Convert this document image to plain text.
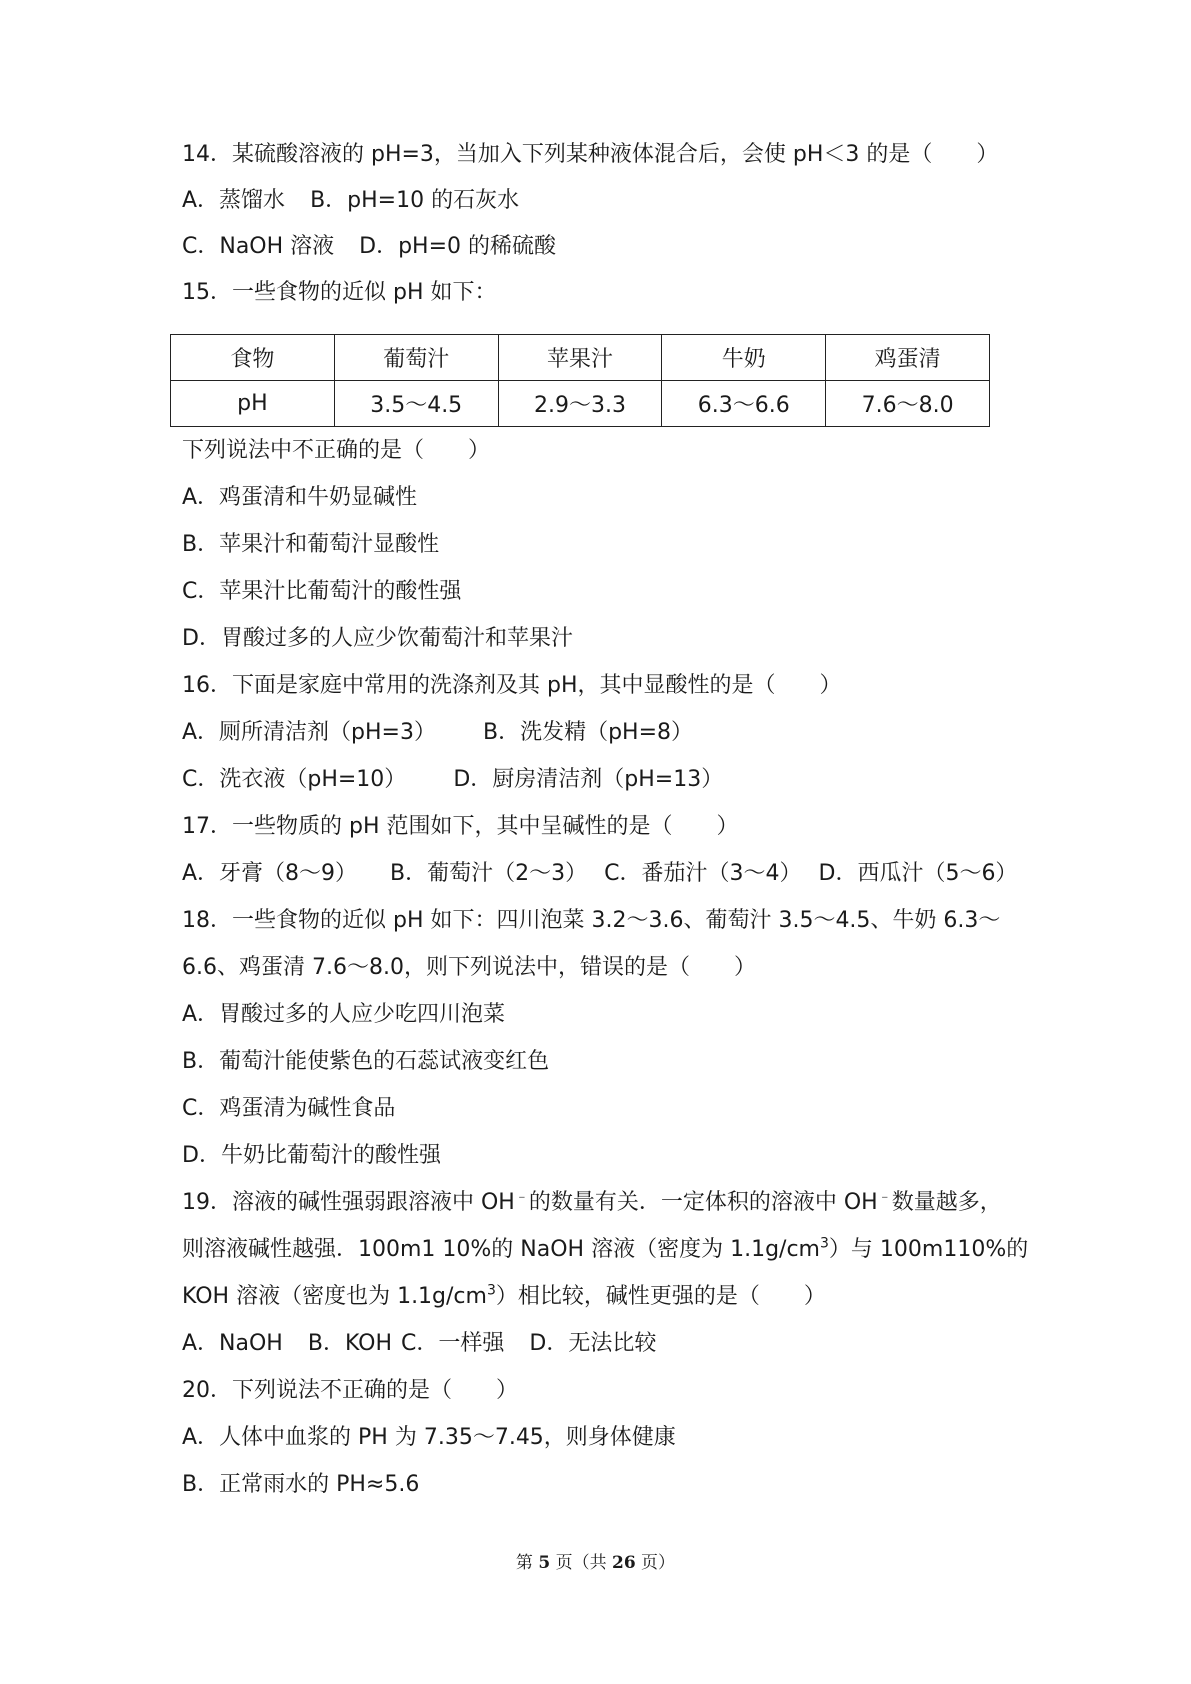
14．某硫酸溶液的 pH=3，当加入下列某种液体混合后，会使 pH＜3 的是（　　）
A．蒸馏水 B．pH=10 的石灰水
C．NaOH 溶液 D．pH=0 的稀硫酸
15．一些食物的近似 pH 如下：
食物	葡萄汁	苹果汁	牛奶	鸡蛋清
pH	3.5～4.5	2.9～3.3	6.3～6.6	7.6～8.0
下列说法中不正确的是（　　）
A．鸡蛋清和牛奶显碱性
B．苹果汁和葡萄汁显酸性
C．苹果汁比葡萄汁的酸性强
D．胃酸过多的人应少饮葡萄汁和苹果汁
16．下面是家庭中常用的洗涤剂及其 pH，其中显酸性的是（　　）
A．厕所清洁剂（pH=3） B．洗发精（pH=8）
C．洗衣液（pH=10） D．厨房清洁剂（pH=13）
17．一些物质的 pH 范围如下，其中呈碱性的是（　　）
A．牙膏（8～9） B．葡萄汁（2～3） C．番茄汁（3～4） D．西瓜汁（5～6）
18．一些食物的近似 pH 如下：四川泡菜 3.2～3.6、葡萄汁 3.5～4.5、牛奶 6.3～
6.6、鸡蛋清 7.6～8.0，则下列说法中，错误的是（　　）
A．胃酸过多的人应少吃四川泡菜
B．葡萄汁能使紫色的石蕊试液变红色
C．鸡蛋清为碱性食品
D．牛奶比葡萄汁的酸性强
19．溶液的碱性强弱跟溶液中 OH﹣的数量有关．一定体积的溶液中 OH﹣数量越多，
则溶液碱性越强．100m1 10%的 NaOH 溶液（密度为 $1.1g/cm^3$）与 100m110%的
KOH 溶液（密度也为 $1.1g/cm^3$）相比较，碱性更强的是（　　）
A．NaOH B．KOH C．一样强 D．无法比较
20．下列说法不正确的是（　　）
A．人体中血浆的 PH 为 7.35～7.45，则身体健康
B．正常雨水的 PH≈5.6
第 5 页（共 26 页）
